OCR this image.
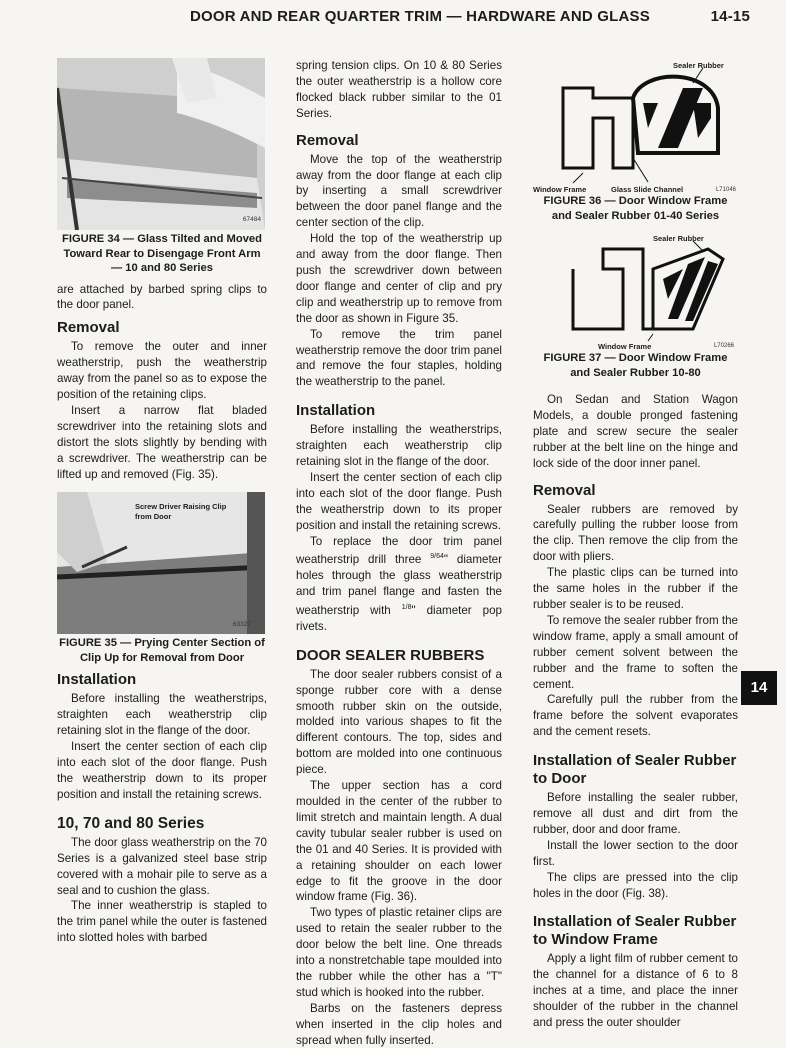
DOOR AND REAR QUARTER TRIM — HARDWARE AND GLASS	14-15
67484

FIGURE 34 — Glass Tilted and Moved Toward Rear to Disengage Front Arm — 10 and 80 Series

are attached by barbed spring clips to the door panel.

Removal

To remove the outer and inner weatherstrip, push the weatherstrip away from the panel so as to expose the position of the retaining clips.

Insert a narrow flat bladed screwdriver into the retaining slots and distort the slots slightly by bending with a screwdriver. The weatherstrip can be lifted up and removed (Fig. 35).

Screw Driver Raising Clip from Door
63327

FIGURE 35 — Prying Center Section of Clip Up for Removal from Door

Installation

Before installing the weatherstrips, straighten each weatherstrip clip retaining slot in the flange of the door.

Insert the center section of each clip into each slot of the door flange. Push the weatherstrip down to its proper position and install the retaining screws.

10, 70 and 80 Series

The door glass weatherstrip on the 70 Series is a galvanized steel base strip covered with a mohair pile to serve as a seal and to cushion the glass.

The inner weatherstrip is stapled to the trim panel while the outer is fastened into slotted holes with barbed

spring tension clips. On 10 & 80 Series the outer weatherstrip is a hollow core flocked black rubber similar to the 01 Series.

Removal

Move the top of the weatherstrip away from the door flange at each clip by inserting a small screwdriver between the door panel flange and the center section of the clip.

Hold the top of the weatherstrip up and away from the door flange. Then push the screwdriver down between door flange and center of clip and pry clip and weatherstrip up to remove from the door as shown in Figure 35.

To remove the trim panel weatherstrip remove the door trim panel and remove the four staples, holding the weatherstrip to the panel.

Installation

Before installing the weatherstrips, straighten each weatherstrip clip retaining slot in the flange of the door.

Insert the center section of each clip into each slot of the door flange. Push the weatherstrip down to its proper position and install the retaining screws.

To replace the door trim panel weatherstrip drill three $^{9/64}$" diameter holes through the glass weatherstrip and trim panel flange and fasten the weatherstrip with $^{1/8}$" diameter pop rivets.

DOOR SEALER RUBBERS

The door sealer rubbers consist of a sponge rubber core with a dense smooth rubber skin on the outside, molded into various shapes to fit the different contours. The top, sides and bottom are molded into one continuous piece.

The upper section has a cord moulded in the center of the rubber to limit stretch and maintain length. A dual cavity tubular sealer rubber is used on the 01 and 40 Series. It is provided with a retaining shoulder on each lower edge to fit the groove in the door window frame (Fig. 36).

Two types of plastic retainer clips are used to retain the sealer rubber to the door below the belt line. One threads into a nonstretchable tape moulded into the rubber while the other has a "T" stud which is hooked into the rubber.

Barbs on the fasteners depress when inserted in the clip holes and spread when fully inserted.

Sealer Rubber
Window Frame	Glass Slide Channel	L71046

FIGURE 36 — Door Window Frame and Sealer Rubber 01-40 Series

Sealer Rubber
Window Frame	L70266

FIGURE 37 — Door Window Frame and Sealer Rubber 10-80

On Sedan and Station Wagon Models, a double pronged fastening plate and screw secure the sealer rubber at the belt line on the hinge and lock side of the door inner panel.

Removal

Sealer rubbers are removed by carefully pulling the rubber loose from the clip. Then remove the clip from the door with pliers.

The plastic clips can be turned into the same holes in the rubber if the rubber sealer is to be reused.

To remove the sealer rubber from the window frame, apply a small amount of rubber cement solvent between the rubber and the frame to soften the cement.

Carefully pull the rubber from the frame before the solvent evaporates and the cement resets.

Installation of Sealer Rubber to Door

Before installing the sealer rubber, remove all dust and dirt from the rubber, door and door frame.

Install the lower section to the door first.

The clips are pressed into the clip holes in the door (Fig. 38).

Installation of Sealer Rubber to Window Frame

Apply a light film of rubber cement to the channel for a distance of 6 to 8 inches at a time, and place the inner shoulder of the rubber in the channel and press the outer shoulder

14
